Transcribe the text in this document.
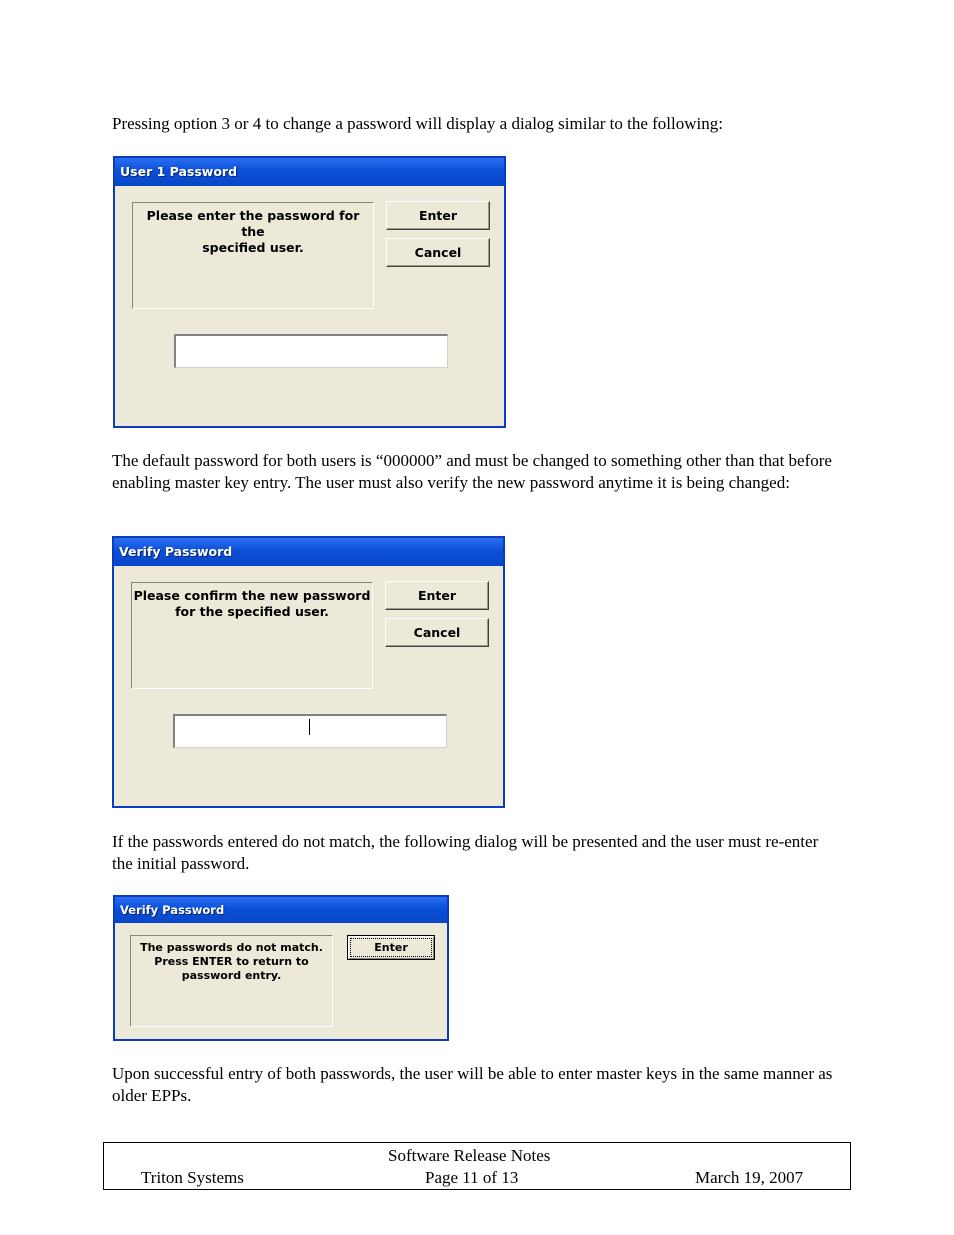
Pressing option 3 or 4 to change a password will display a dialog similar to the following:

User 1 Password
Please enter the password for the
specified user.
Enter
Cancel

The default password for both users is “000000” and must be changed to something other than that before enabling master key entry. The user must also verify the new password anytime it is being changed:

Verify Password
Please confirm the new password
for the specified user.
Enter
Cancel

If the passwords entered do not match, the following dialog will be presented and the user must re-enter the initial password.

Verify Password
The passwords do not match.
Press ENTER to return to
password entry.
Enter

Upon successful entry of both passwords, the user will be able to enter master keys in the same manner as older EPPs.

Software Release Notes
Triton Systems	Page 11 of 13	March 19, 2007
